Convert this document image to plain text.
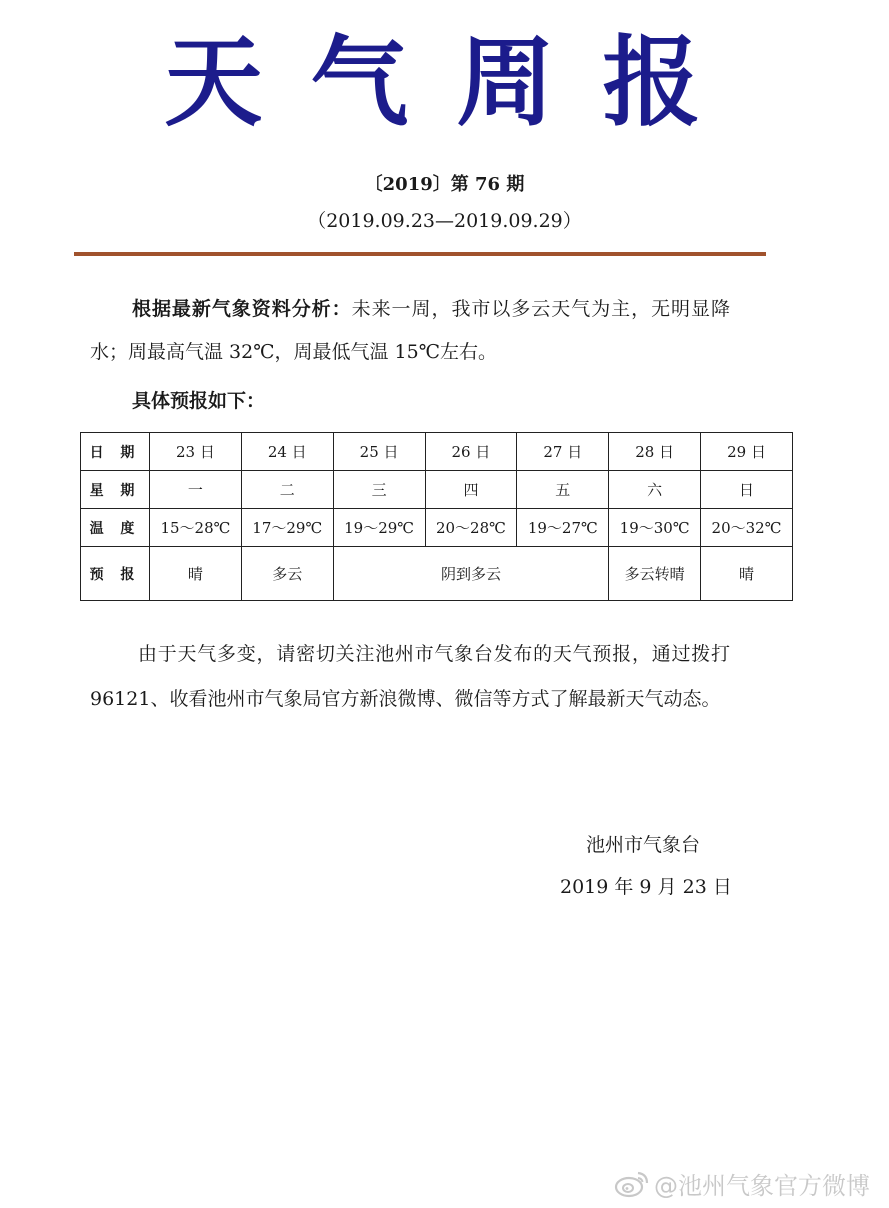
天气周报
〔2019〕第 76 期
（2019.09.23—2019.09.29）
根据最新气象资料分析：未来一周，我市以多云天气为主，无明显降水；周最高气温 32℃，周最低气温 15℃左右。
具体预报如下：
日 期	23 日	24 日	25 日	26 日	27 日	28 日	29 日
星 期	一	二	三	四	五	六	日
温 度	15～28℃	17～29℃	19～29℃	20～28℃	19～27℃	19～30℃	20～32℃
预 报	晴	多云	阴到多云			多云转晴	晴
由于天气多变，请密切关注池州市气象台发布的天气预报，通过拨打96121、收看池州市气象局官方新浪微博、微信等方式了解最新天气动态。
池州市气象台
2019 年 9 月 23 日
@池州气象官方微博
